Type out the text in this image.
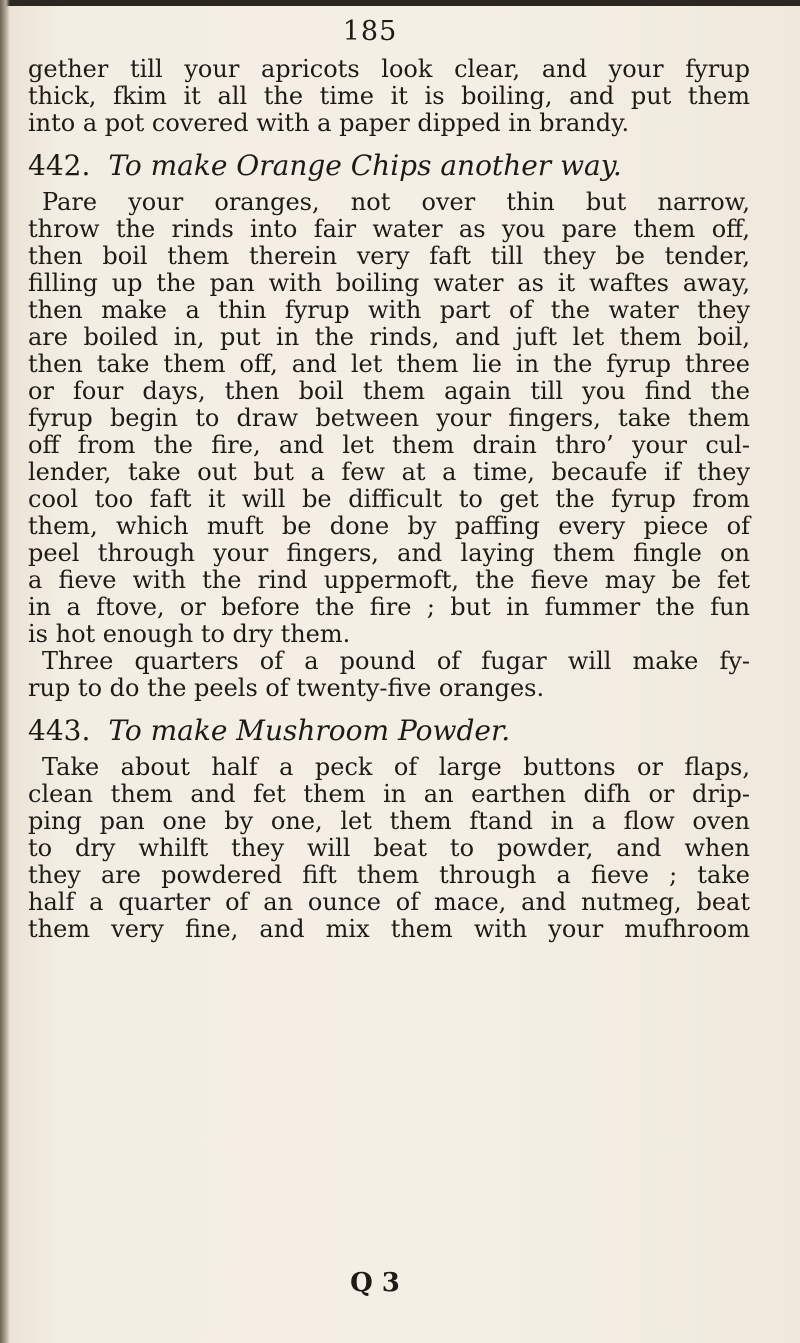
185
gether till your apricots look clear, and your fyrup
thick, fkim it all the time it is boiling, and put them
into a pot covered with a paper dipped in brandy.
442. To make Orange Chips another way.
Pare your oranges, not over thin but narrow,
throw the rinds into fair water as you pare them off,
then boil them therein very faft till they be tender,
filling up the pan with boiling water as it waftes away,
then make a thin fyrup with part of the water they
are boiled in, put in the rinds, and juft let them boil,
then take them off, and let them lie in the fyrup three
or four days, then boil them again till you find the
fyrup begin to draw between your fingers, take them
off from the fire, and let them drain thro’ your cul-
lender, take out but a few at a time, becaufe if they
cool too faft it will be difficult to get the fyrup from
them, which muft be done by paffing every piece of
peel through your fingers, and laying them fingle on
a fieve with the rind uppermoft, the fieve may be fet
in a ftove, or before the fire ; but in fummer the fun
is hot enough to dry them.
Three quarters of a pound of fugar will make fy-
rup to do the peels of twenty-five oranges.
443. To make Mushroom Powder.
Take about half a peck of large buttons or flaps,
clean them and fet them in an earthen difh or drip-
ping pan one by one, let them ftand in a flow oven
to dry whilft they will beat to powder, and when
they are powdered fift them through a fieve ; take
half a quarter of an ounce of mace, and nutmeg, beat
them very fine, and mix them with your mufhroom
Q 3
